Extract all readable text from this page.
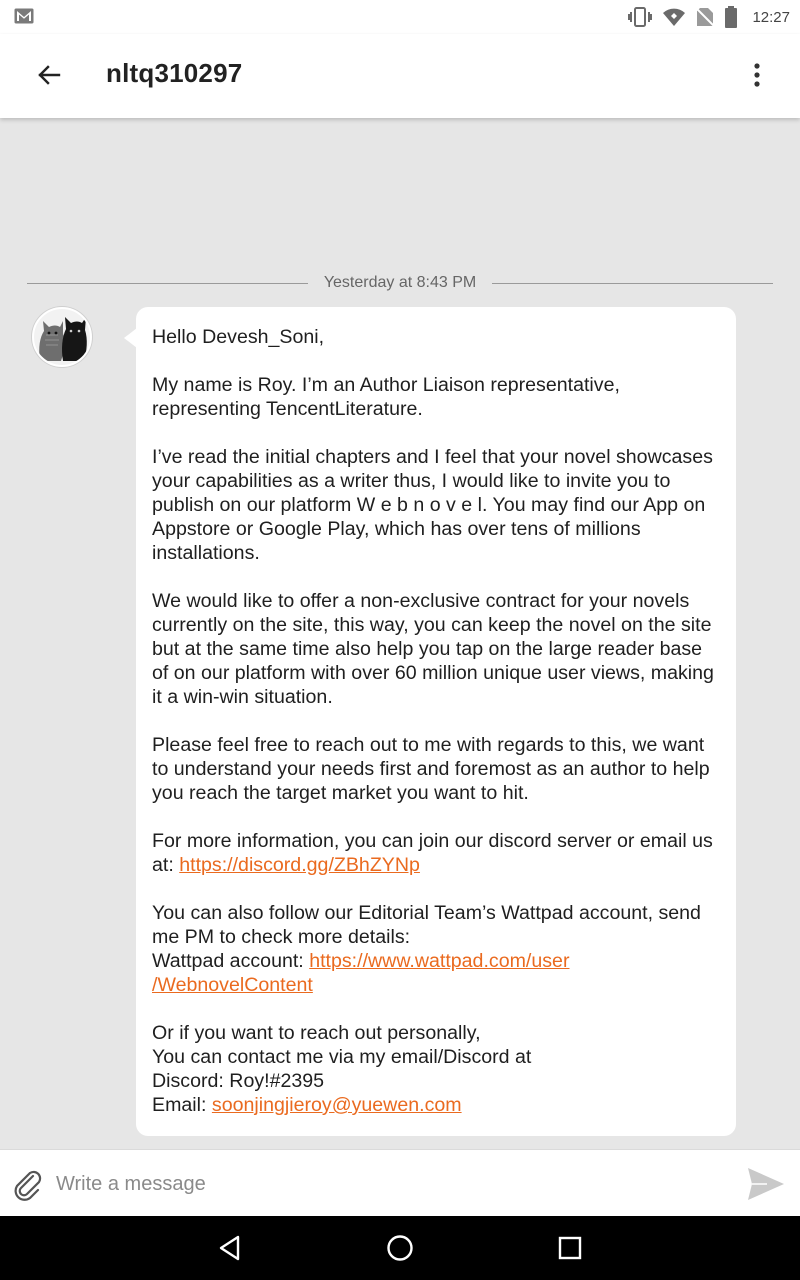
12:27
nltq310297
Yesterday at 8:43 PM

Hello Devesh_Soni,

My name is Roy. I’m an Author Liaison representative, representing TencentLiterature.

I’ve read the initial chapters and I feel that your novel showcases your capabilities as a writer thus, I would like to invite you to publish on our platform W e b n o v e l. You may find our App on Appstore or Google Play, which has over tens of millions installations.

We would like to offer a non-exclusive contract for your novels currently on the site, this way, you can keep the novel on the site but at the same time also help you tap on the large reader base of on our platform with over 60 million unique user views, making it a win-win situation.

Please feel free to reach out to me with regards to this, we want to understand your needs first and foremost as an author to help you reach the target market you want to hit.

For more information, you can join our discord server or email us at: https://discord.gg/ZBhZYNp

You can also follow our Editorial Team’s Wattpad account, send me PM to check more details:
Wattpad account: https://www.wattpad.com/user
/WebnovelContent

Or if you want to reach out personally,
You can contact me via my email/Discord at
Discord: Roy!#2395
Email: soonjingjieroy@yuewen.com

Write a message
